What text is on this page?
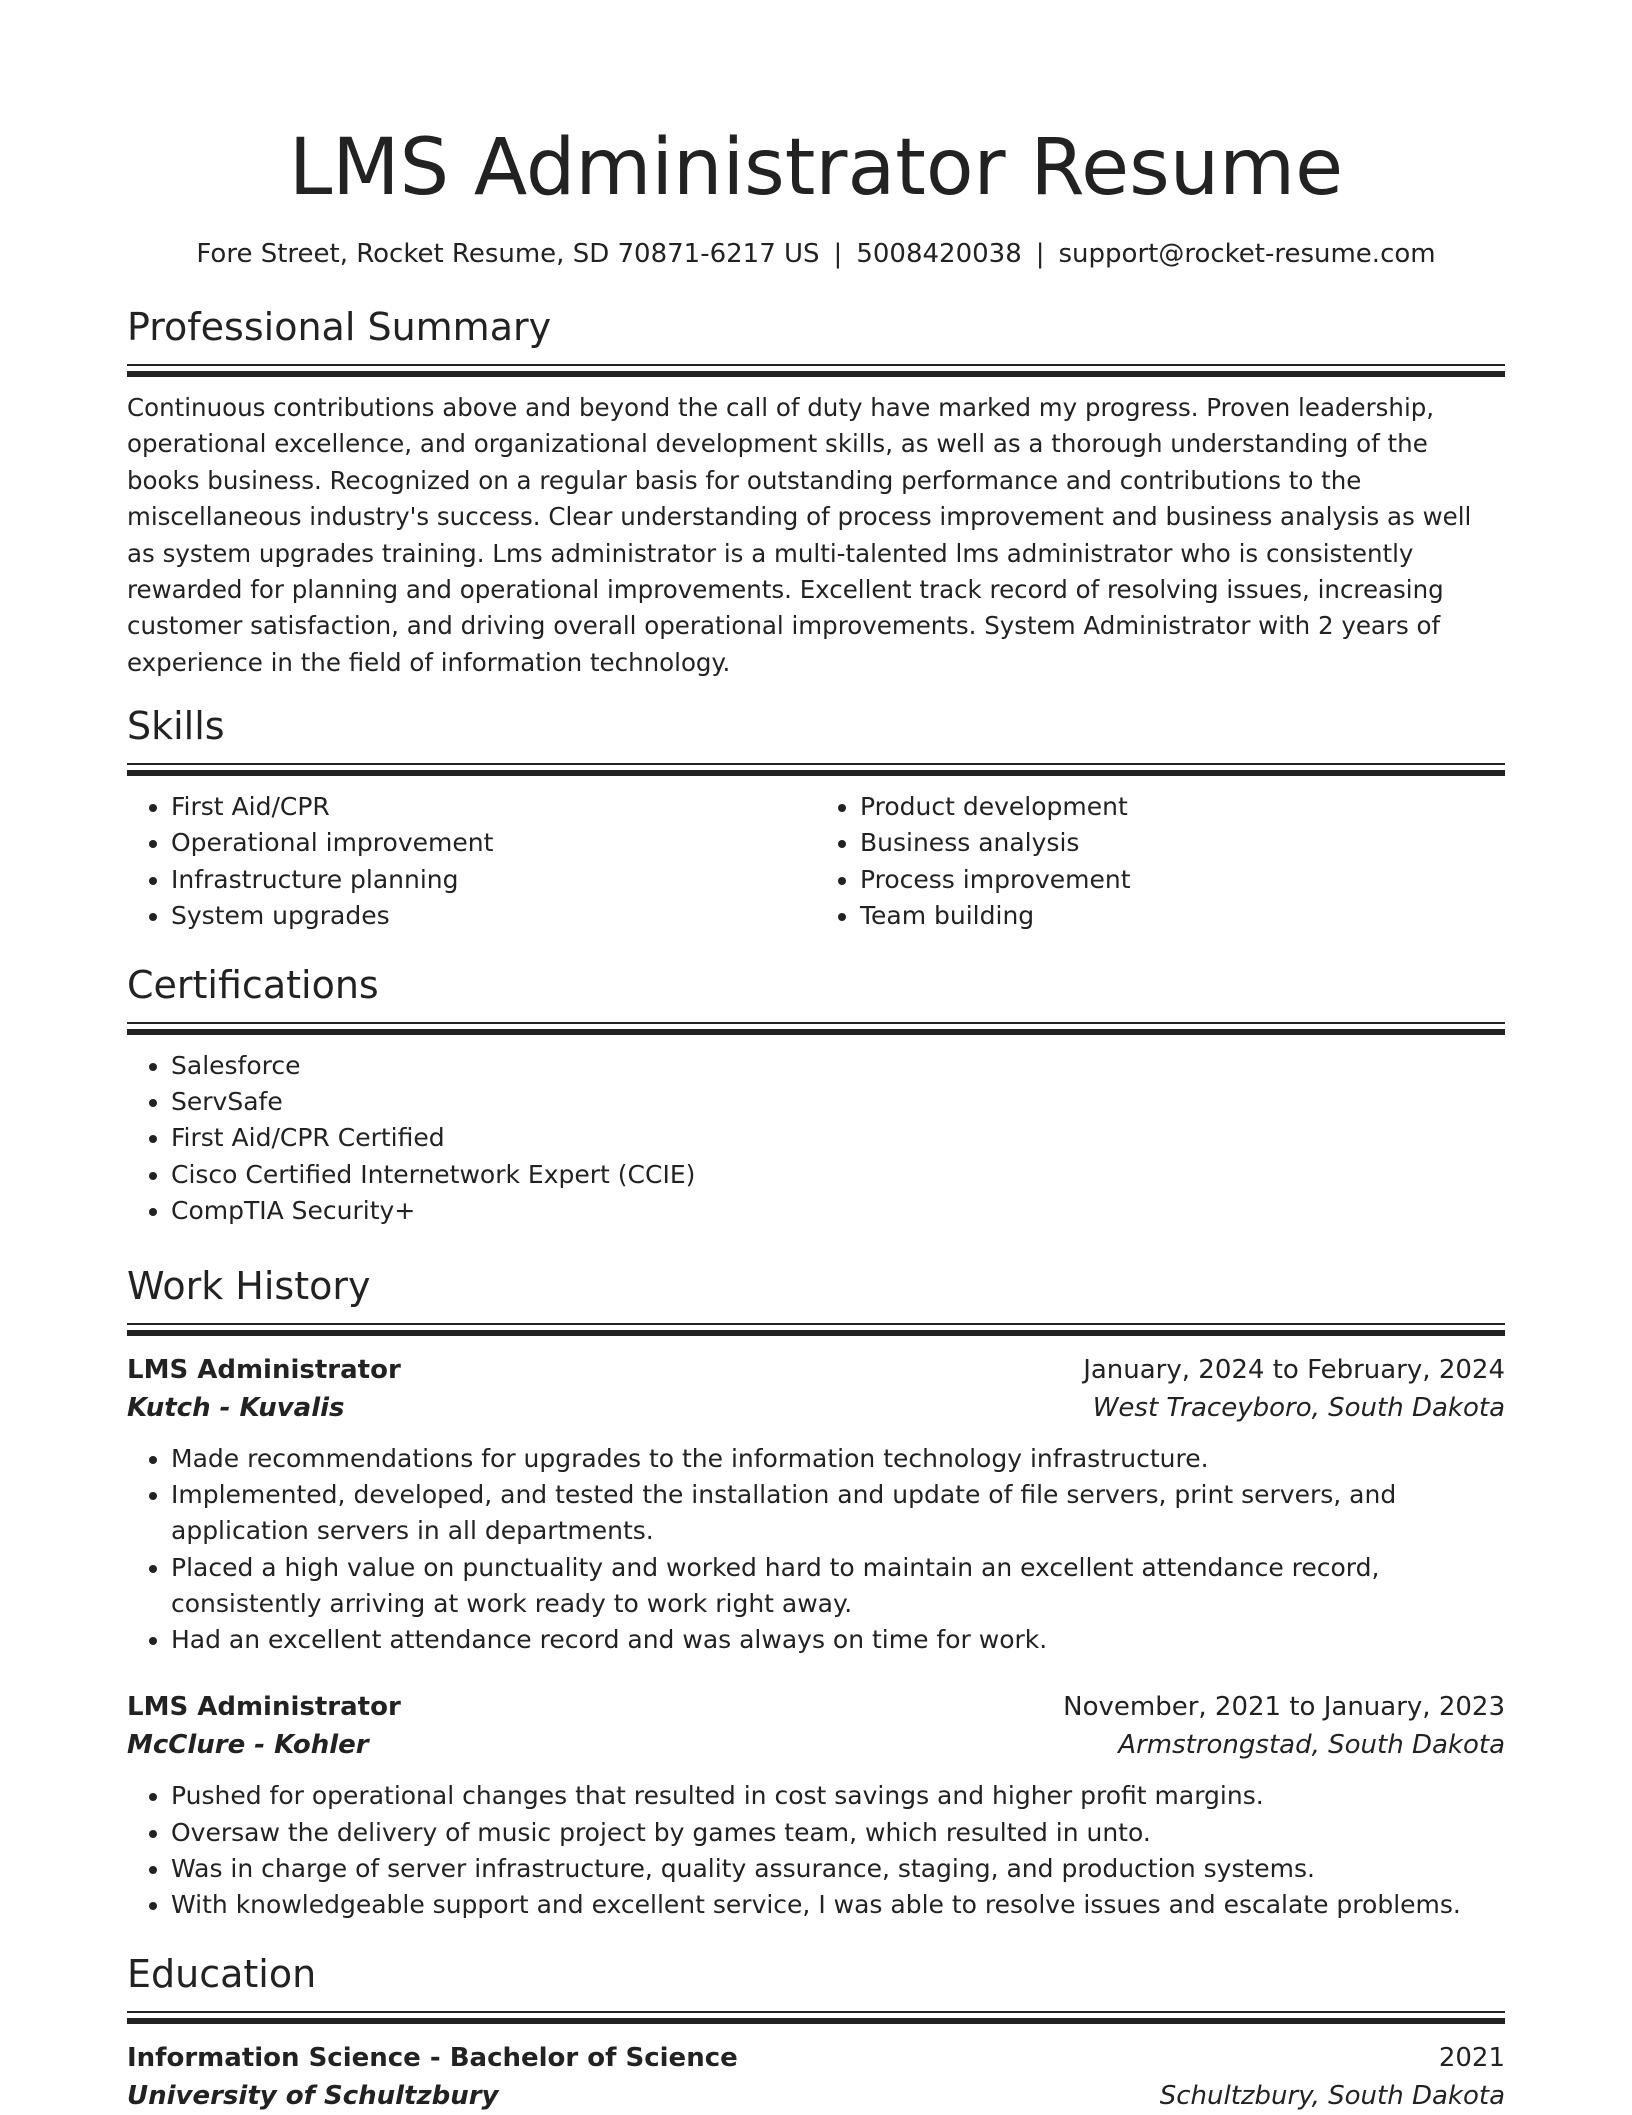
LMS Administrator Resume
Fore Street, Rocket Resume, SD 70871-6217 US | 5008420038 | support@rocket-resume.com
Professional Summary

Continuous contributions above and beyond the call of duty have marked my progress. Proven leadership, operational excellence, and organizational development skills, as well as a thorough understanding of the books business. Recognized on a regular basis for outstanding performance and contributions to the miscellaneous industry's success. Clear understanding of process improvement and business analysis as well as system upgrades training. Lms administrator is a multi-talented lms administrator who is consistently rewarded for planning and operational improvements. Excellent track record of resolving issues, increasing customer satisfaction, and driving overall operational improvements. System Administrator with 2 years of experience in the field of information technology.

Skills
• First Aid/CPR
• Operational improvement
• Infrastructure planning
• System upgrades
• Product development
• Business analysis
• Process improvement
• Team building
Certifications
• Salesforce
• ServSafe
• First Aid/CPR Certified
• Cisco Certified Internetwork Expert (CCIE)
• CompTIA Security+
Work History
LMS Administrator	January, 2024 to February, 2024
Kutch - Kuvalis	West Traceyboro, South Dakota
• Made recommendations for upgrades to the information technology infrastructure.
• Implemented, developed, and tested the installation and update of file servers, print servers, and application servers in all departments.
• Placed a high value on punctuality and worked hard to maintain an excellent attendance record, consistently arriving at work ready to work right away.
• Had an excellent attendance record and was always on time for work.
LMS Administrator	November, 2021 to January, 2023
McClure - Kohler	Armstrongstad, South Dakota
• Pushed for operational changes that resulted in cost savings and higher profit margins.
• Oversaw the delivery of music project by games team, which resulted in unto.
• Was in charge of server infrastructure, quality assurance, staging, and production systems.
• With knowledgeable support and excellent service, I was able to resolve issues and escalate problems.
Education
Information Science - Bachelor of Science	2021
University of Schultzbury	Schultzbury, South Dakota
